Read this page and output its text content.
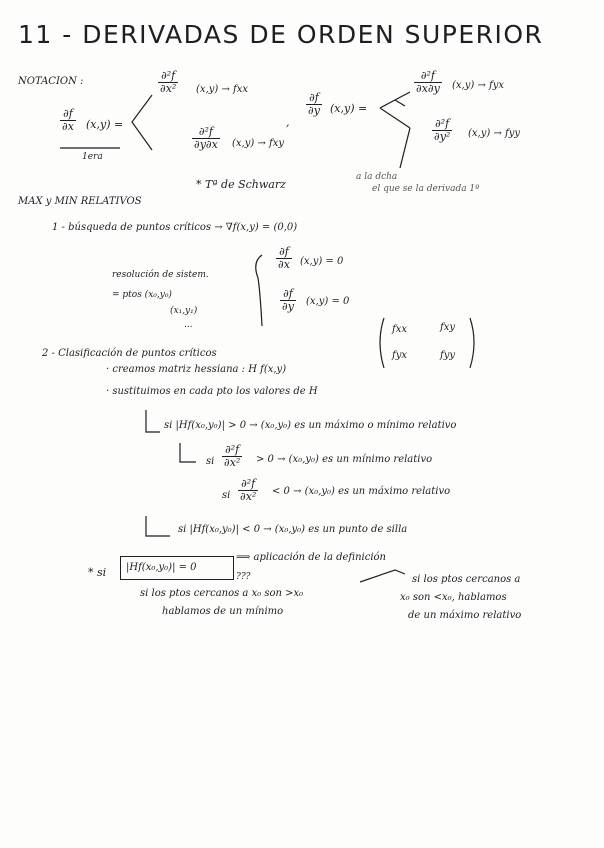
11 - DERIVADAS DE ORDEN SUPERIOR
NOTACION :
$\frac{\partial f}{\partial x} (x,y)$ =
1era
$\frac{\text{∂²f}}{\text{∂x²}} (x,y)$ → fxx
$\frac{\text{∂²f}}{\partial y\partial x} (x,y)$ → fxy
,
$\frac{\partial f}{\partial y} (x,y)$ =
$\frac{\text{∂²f}}{\partial x\partial y} (x,y)$ → fyx
$\frac{\text{∂²f}}{\text{∂y²}} (x,y)$ → fyy
* Tª de Schwarz
a la dcha
el que se la derivada 1º
MAX y MIN RELATIVOS
1 - búsqueda de puntos críticos → ∇f(x,y) = (0,0)
resolución de sistem.
= ptos (x₀,y₀)
(x₁,y₁)
...
$\frac{\partial f}{\partial x} (x,y) = 0$
$\frac{\partial f}{\partial y} (x,y) = 0$
2 - Clasificación de puntos críticos
· creamos matriz hessiana : H f(x,y)
fxx	fxy
fyx	fyy
· sustituimos en cada pto los valores de H
si |Hf(x₀,y₀)| > 0 → (x₀,y₀) es un máximo o mínimo relativo
si $\frac{\text{∂²f}}{\text{∂x²}} > 0 \to (x_0,y_0)$ es un mínimo relativo
si $\frac{\text{∂²f}}{\text{∂x²}} < 0 \to (x_0,y_0)$ es un máximo relativo
si |Hf(x₀,y₀)| < 0 → (x₀,y₀) es un punto de silla
* si |Hf(x₀,y₀)| = 0
⟹ aplicación de la definición
???
si los ptos cercanos a x₀ son >x₀
hablamos de un mínimo
si los ptos cercanos a
x₀ son <x₀, hablamos
de un máximo relativo
